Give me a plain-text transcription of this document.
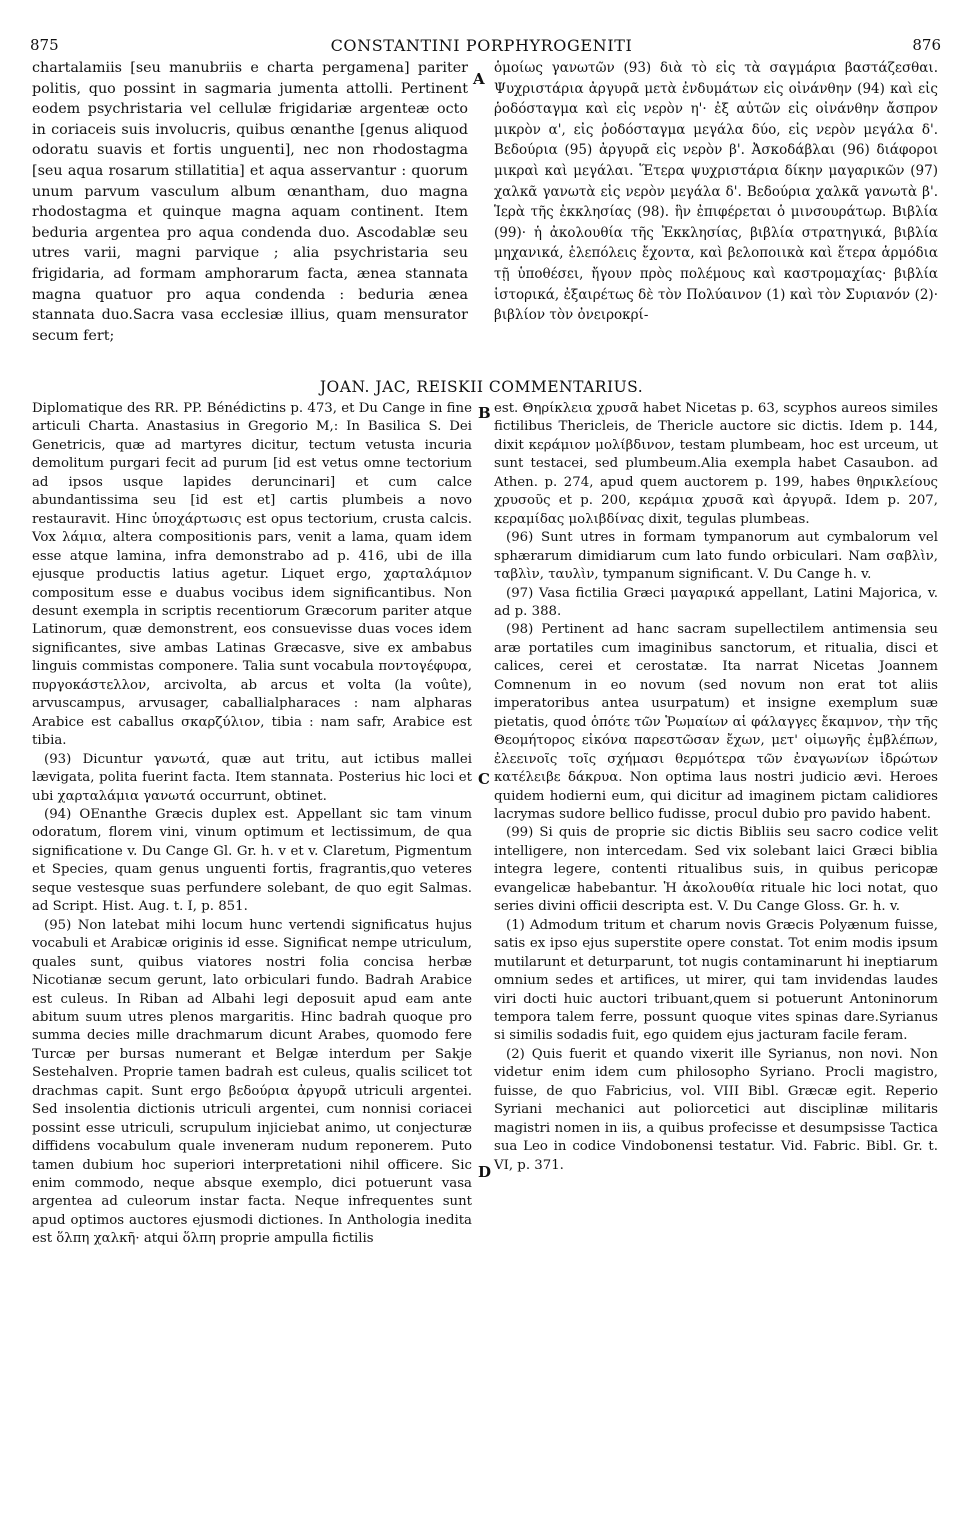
875	CONSTANTINI PORPHYROGENITI	876

chartalamiis [seu manubriis e charta pergamena] pariter politis, quo possint in sagmaria jumenta attolli. Pertinent eodem psychristaria vel cellulæ frigidariæ argenteæ octo in coriaceis suis involucris, quibus œnanthe [genus aliquod odoratu suavis et fortis unguenti], nec non rhodostagma [seu aqua rosarum stillatitia] et aqua asservantur : quorum unum parvum vasculum album œnantham, duo magna rhodostagma et quinque magna aquam continent. Item beduria argentea pro aqua condenda duo. Ascodablæ seu utres varii, magni parvique ; alia psychristaria seu frigidaria, ad formam amphorarum facta, ænea stannata magna quatuor pro aqua condenda : beduria ænea stannata duo.Sacra vasa ecclesiæ illius, quam mensurator secum fert;

A

ὁμοίως γανωτῶν (93) διὰ τὸ εἰς τὰ σαγμάρια βαστάζεσθαι. Ψυχριστάρια ἀργυρᾶ μετὰ ἐνδυμάτων εἰς οἰνάνθην (94) καὶ εἰς ῥοδόσταγμα καὶ εἰς νερὸν η'· ἐξ αὐτῶν εἰς οἰνάνθην ἄσπρον μικρὸν α', εἰς ῥοδόσταγμα μεγάλα δύο, εἰς νερὸν μεγάλα δ'. Βεδούρια (95) ἀργυρᾶ εἰς νερὸν β'. Ἀσκοδάβλαι (96) διάφοροι μικραὶ καὶ μεγάλαι. Ἕτερα ψυχριστάρια δίκην μαγαρικῶν (97) χαλκᾶ γανωτὰ εἰς νερὸν μεγάλα δ'. Βεδούρια χαλκᾶ γανωτὰ β'. Ἱερὰ τῆς ἐκκλησίας (98). ἣν ἐπιφέρεται ὁ μινσουράτωρ. Βιβλία (99)· ἡ ἀκολουθία τῆς Ἐκκλησίας, βιβλία στρατηγικά, βιβλία μηχανικά, ἑλεπόλεις ἔχοντα, καὶ βελοποιικὰ καὶ ἕτερα ἁρμόδια τῇ ὑποθέσει, ἤγουν πρὸς πολέμους καὶ καστρομαχίας· βιβλία ἱστορικά, ἐξαιρέτως δὲ τὸν Πολύαινον (1) καὶ τὸν Συριανόν (2)· βιβλίον τὸν ὀνειροκρί-

JOAN. JAC, REISKII COMMENTARIUS.

Diplomatique des RR. PP. Bénédictins p. 473, et Du Cange in fine articuli Charta. Anastasius in Gregorio M,: In Basilica S. Dei Genetricis, quæ ad martyres dicitur, tectum vetusta incuria demolitum purgari fecit ad purum [id est vetus omne tectorium ad ipsos usque lapides deruncinari] et cum calce abundantissima seu [id est et] cartis plumbeis a novo restauravit. Hinc ὑποχάρτωσις est opus tectorium, crusta calcis. Vox λάμια, altera compositionis pars, venit a lama, quam idem esse atque lamina, infra demonstrabo ad p. 416, ubi de illa ejusque productis latius agetur. Liquet ergo, χαρταλάμιον compositum esse e duabus vocibus idem significantibus. Non desunt exempla in scriptis recentiorum Græcorum pariter atque Latinorum, quæ demonstrent, eos consuevisse duas voces idem significantes, sive ambas Latinas Græcasve, sive ex ambabus linguis commistas componere. Talia sunt vocabula ποντογέφυρα, πυργοκάστελλον, arcivolta, ab arcus et volta (la voûte), arvuscampus, arvusager, caballialpharaces : nam alpharas Arabice est caballus σκαρζύλιον, tibia : nam safr, Arabice est tibia.

(93) Dicuntur γανωτά, quæ aut tritu, aut ictibus mallei lævigata, polita fuerint facta. Item stannata. Posterius hic loci et ubi χαρταλάμια γανωτά occurrunt, obtinet.

(94) OEnanthe Græcis duplex est. Appellant sic tam vinum odoratum, florem vini, vinum optimum et lectissimum, de qua significatione v. Du Cange Gl. Gr. h. v et v. Claretum, Pigmentum et Species, quam genus unguenti fortis, fragrantis,quo veteres seque vestesque suas perfundere solebant, de quo egit Salmas. ad Script. Hist. Aug. t. I, p. 851.

(95) Non latebat mihi locum hunc vertendi significatus hujus vocabuli et Arabicæ originis id esse. Significat nempe utriculum, quales sunt, quibus viatores nostri folia concisa herbæ Nicotianæ secum gerunt, lato orbiculari fundo. Badrah Arabice est culeus. In Riban ad Albahi legi deposuit apud eam ante abitum suum utres plenos margaritis. Hinc badrah quoque pro summa decies mille drachmarum dicunt Arabes, quomodo fere Turcæ per bursas numerant et Belgæ interdum per Sakje Sestehalven. Proprie tamen badrah est culeus, qualis scilicet tot drachmas capit. Sunt ergo βεδούρια ἀργυρᾶ utriculi argentei. Sed insolentia dictionis utriculi argentei, cum nonnisi coriacei possint esse utriculi, scrupulum injiciebat animo, ut conjecturæ diffidens vocabulum quale inveneram nudum reponerem. Puto tamen dubium hoc superiori interpretationi nihil officere. Sic enim commodo, neque absque exemplo, dici potuerunt vasa argentea ad culeorum instar facta. Neque infrequentes sunt apud optimos auctores ejusmodi dictiones. In Anthologia inedita est ὅλπη χαλκῆ· atqui ὅλπη proprie ampulla fictilis

B
C
D

est. Θηρίκλεια χρυσᾶ habet Nicetas p. 63, scyphos aureos similes fictilibus Thericleis, de Thericle auctore sic dictis. Idem p. 144, dixit κεράμιον μολίβδινον, testam plumbeam, hoc est urceum, ut sunt testacei, sed plumbeum.Alia exempla habet Casaubon. ad Athen. p. 274, apud quem auctorem p. 199, habes θηρικλείους χρυσοῦς et p. 200, κεράμια χρυσᾶ καὶ ἀργυρᾶ. Idem p. 207, κεραμίδας μολιβδίνας dixit, tegulas plumbeas.

(96) Sunt utres in formam tympanorum aut cymbalorum vel sphærarum dimidiarum cum lato fundo orbiculari. Nam σαβλὶν, ταβλὶν, ταυλὶν, tympanum significant. V. Du Cange h. v.

(97) Vasa fictilia Græci μαγαρικά appellant, Latini Majorica, v. ad p. 388.

(98) Pertinent ad hanc sacram supellectilem antimensia seu aræ portatiles cum imaginibus sanctorum, et ritualia, disci et calices, cerei et cerostatæ. Ita narrat Nicetas Joannem Comnenum in eo novum (sed novum non erat tot aliis imperatoribus antea usurpatum) et insigne exemplum suæ pietatis, quod ὁπότε τῶν Ῥωμαίων αἱ φάλαγγες ἔκαμνον, τὴν τῆς Θεομήτορος εἰκόνα παρεστῶσαν ἔχων, μετ' οἰμωγῆς ἐμβλέπων, ἐλεεινοῖς τοῖς σχήμασι θερμότερα τῶν ἐναγωνίων ἱδρώτων κατέλειβε δάκρυα. Non optima laus nostri judicio ævi. Heroes quidem hodierni eum, qui dicitur ad imaginem pictam calidiores lacrymas sudore bellico fudisse, procul dubio pro pavido habent.

(99) Si quis de proprie sic dictis Bibliis seu sacro codice velit intelligere, non intercedam. Sed vix solebant laici Græci biblia integra legere, contenti ritualibus suis, in quibus pericopæ evangelicæ habebantur. Ἡ ἀκολουθία rituale hic loci notat, quo series divini officii descripta est. V. Du Cange Gloss. Gr. h. v.

(1) Admodum tritum et charum novis Græcis Polyænum fuisse, satis ex ipso ejus superstite opere constat. Tot enim modis ipsum mutilarunt et deturparunt, tot nugis contaminarunt hi ineptiarum omnium sedes et artifices, ut mirer, qui tam invidendas laudes viri docti huic auctori tribuant,quem si potuerunt Antoninorum tempora talem ferre, possunt quoque vites spinas dare.Syrianus si similis sodadis fuit, ego quidem ejus jacturam facile feram.

(2) Quis fuerit et quando vixerit ille Syrianus, non novi. Non videtur enim idem cum philosopho Syriano. Procli magistro, fuisse, de quo Fabricius, vol. VIII Bibl. Græcæ egit. Reperio Syriani mechanici aut poliorcetici aut disciplinæ militaris magistri nomen in iis, a quibus profecisse et desumpsisse Tactica sua Leo in codice Vindobonensi testatur. Vid. Fabric. Bibl. Gr. t. VI, p. 371.
